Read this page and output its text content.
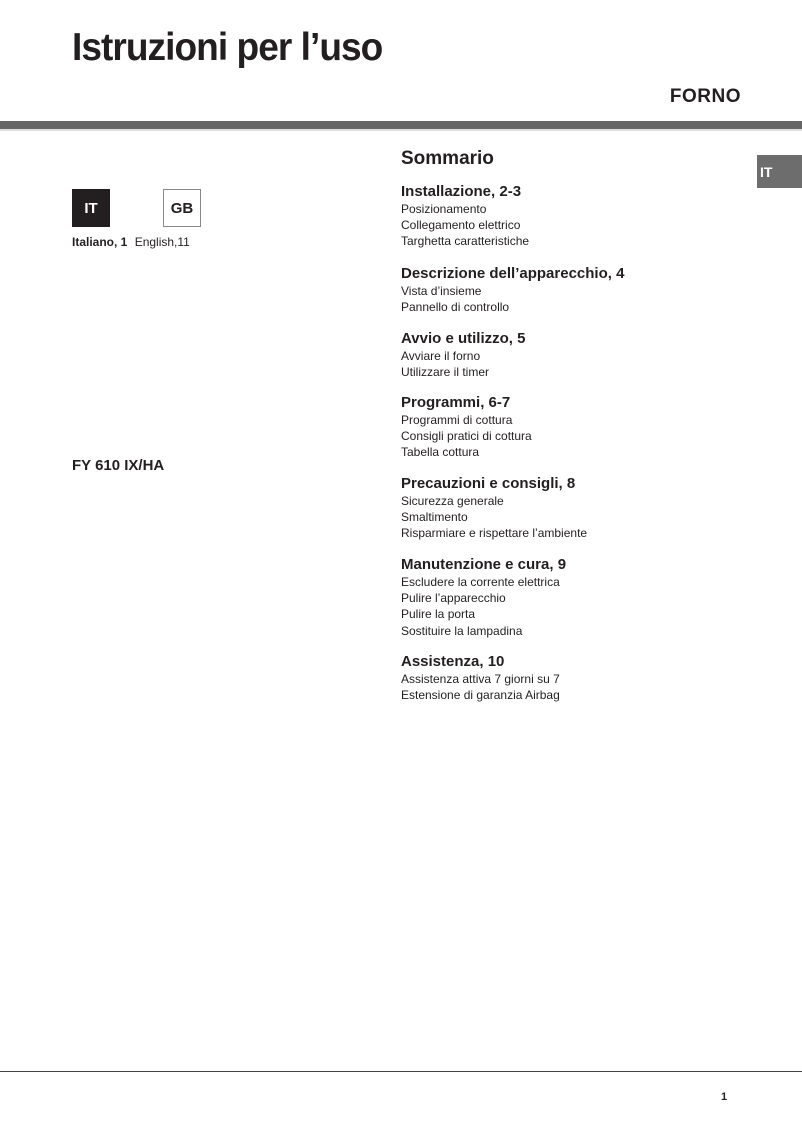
Istruzioni per l’uso
FORNO
IT
IT	GB
Italiano, 1 English,11
FY 610 IX/HA
Sommario
Installazione, 2-3
Posizionamento
Collegamento elettrico
Targhetta caratteristiche
Descrizione dell’apparecchio, 4
Vista d’insieme
Pannello di controllo
Avvio e utilizzo, 5
Avviare il forno
Utilizzare il timer
Programmi, 6-7
Programmi di cottura
Consigli pratici di cottura
Tabella cottura
Precauzioni e consigli, 8
Sicurezza generale
Smaltimento
Risparmiare e rispettare l’ambiente
Manutenzione e cura, 9
Escludere la corrente elettrica
Pulire l’apparecchio
Pulire la porta
Sostituire la lampadina
Assistenza, 10
Assistenza attiva 7 giorni su 7
Estensione di garanzia Airbag
1
